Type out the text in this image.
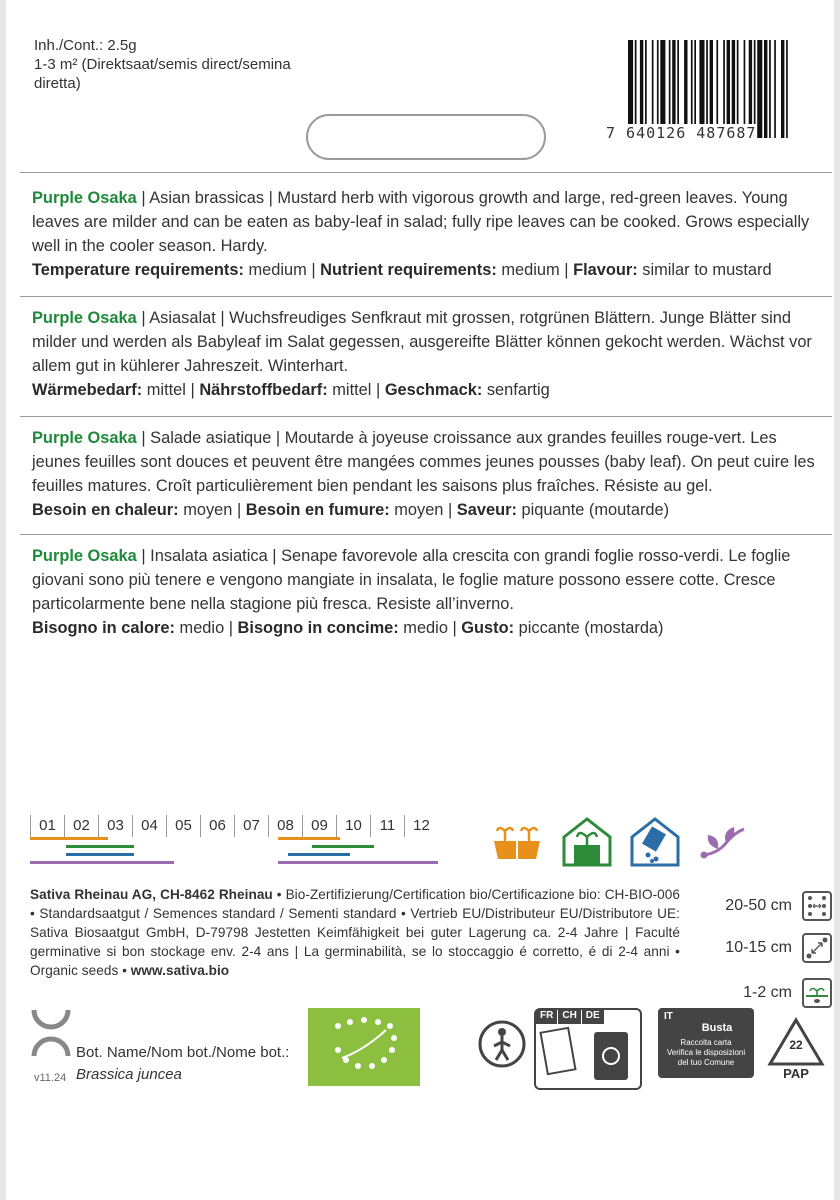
Inh./Cont.: 2.5g
1-3 m² (Direktsaat/semis direct/semina diretta)
7 640126 487687
Purple Osaka | Asian brassicas | Mustard herb with vigorous growth and large, red-green leaves. Young leaves are milder and can be eaten as baby-leaf in salad; fully ripe leaves can be cooked. Grows especially well in the cooler season. Hardy.
Temperature requirements: medium | Nutrient requirements: medium | Flavour: similar to mustard
Purple Osaka | Asiasalat | Wuchsfreudiges Senfkraut mit grossen, rotgrünen Blättern. Junge Blätter sind milder und werden als Babyleaf im Salat gegessen, ausgereifte Blätter können gekocht werden. Wächst vor allem gut in kühlerer Jahreszeit. Winterhart.
Wärmebedarf: mittel | Nährstoffbedarf: mittel | Geschmack: senfartig
Purple Osaka | Salade asiatique | Moutarde à joyeuse croissance aux grandes feuilles rouge-vert. Les jeunes feuilles sont douces et peuvent être mangées commes jeunes pousses (baby leaf). On peut cuire les feuilles matures. Croît particulièrement bien pendant les saisons plus fraîches. Résiste au gel.
Besoin en chaleur: moyen | Besoin en fumure: moyen | Saveur: piquante (moutarde)
Purple Osaka | Insalata asiatica | Senape favorevole alla crescita con grandi foglie rosso-verdi. Le foglie giovani sono più tenere e vengono mangiate in insalata, le foglie mature possono essere cotte. Cresce particolarmente bene nella stagione più fresca. Resiste all’inverno.
Bisogno in calore: medio | Bisogno in concime: medio | Gusto: piccante (mostarda)
01	02	03	04	05	06	07	08	09	10	11	12
Sativa Rheinau AG, CH-8462 Rheinau • Bio-Zertifizierung/Certification bio/Certificazione bio: CH-BIO-006 • Standardsaatgut / Semences standard / Sementi standard • Vertrieb EU/Distributeur EU/Distributore UE: Sativa Biosaatgut GmbH, D-79798 Jestetten Keimfähigkeit bei guter Lagerung ca. 2-4 Jahre | Faculté germinative si bon stockage env. 2-4 ans | La germinabilità, se lo stoccaggio é corretto, é di 2-4 anni • Organic seeds • www.sativa.bio
20-50 cm
10-15 cm
1-2 cm
Bot. Name/Nom bot./Nome bot.:
Brassica juncea
v11.24
FR CH DE	IT
Busta
Raccolta carta
Verifica le disposizioni
del tuo Comune
22
PAP
